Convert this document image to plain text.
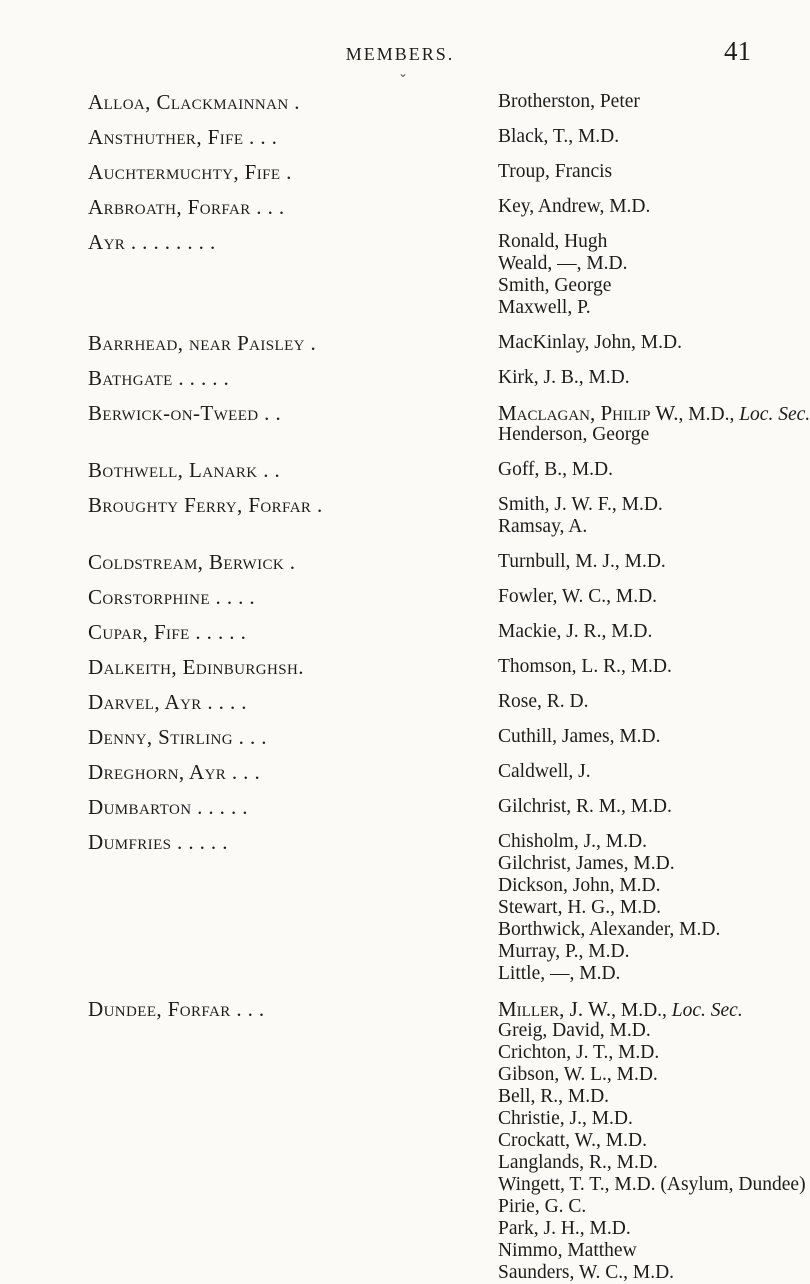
MEMBERS.	41
⌄
Alloa, Clackmainnan .	Brotherston, Peter
Ansthuther, Fife . . .	Black, T., M.D.
Auchtermuchty, Fife .	Troup, Francis
Arbroath, Forfar . . .	Key, Andrew, M.D.
Ayr . . . . . . . .	Ronald, Hugh
Weald, —, M.D.
Smith, George
Maxwell, P.
Barrhead, near Paisley .	MacKinlay, John, M.D.
Bathgate . . . . .	Kirk, J. B., M.D.
Berwick-on-Tweed . .	Maclagan, Philip W., M.D., Loc. Sec.
Henderson, George
Bothwell, Lanark . .	Goff, B., M.D.
Broughty Ferry, Forfar .	Smith, J. W. F., M.D.
Ramsay, A.
Coldstream, Berwick .	Turnbull, M. J., M.D.
Corstorphine . . . .	Fowler, W. C., M.D.
Cupar, Fife . . . . .	Mackie, J. R., M.D.
Dalkeith, Edinburghsh.	Thomson, L. R., M.D.
Darvel, Ayr . . . .	Rose, R. D.
Denny, Stirling . . .	Cuthill, James, M.D.
Dreghorn, Ayr . . .	Caldwell, J.
Dumbarton . . . . .	Gilchrist, R. M., M.D.
Dumfries . . . . .	Chisholm, J., M.D.
Gilchrist, James, M.D.
Dickson, John, M.D.
Stewart, H. G., M.D.
Borthwick, Alexander, M.D.
Murray, P., M.D.
Little, —, M.D.
Dundee, Forfar . . .	Miller, J. W., M.D., Loc. Sec.
Greig, David, M.D.
Crichton, J. T., M.D.
Gibson, W. L., M.D.
Bell, R., M.D.
Christie, J., M.D.
Crockatt, W., M.D.
Langlands, R., M.D.
Wingett, T. T., M.D. (Asylum, Dundee)
Pirie, G. C.
Park, J. H., M.D.
Nimmo, Matthew
Saunders, W. C., M.D.
